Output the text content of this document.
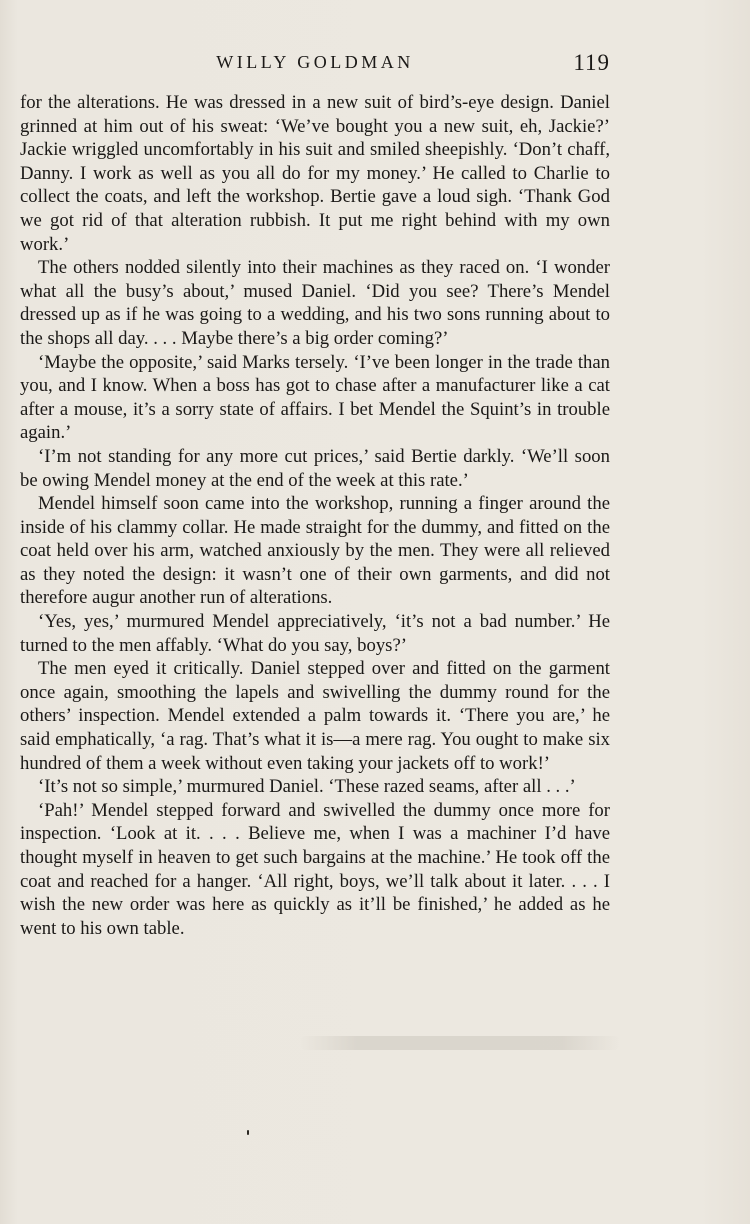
WILLY GOLDMAN	119

for the alterations. He was dressed in a new suit of bird’s-eye design. Daniel grinned at him out of his sweat: ‘We’ve bought you a new suit, eh, Jackie?’ Jackie wriggled uncomfortably in his suit and smiled sheepishly. ‘Don’t chaff, Danny. I work as well as you all do for my money.’ He called to Charlie to collect the coats, and left the workshop. Bertie gave a loud sigh. ‘Thank God we got rid of that alteration rubbish. It put me right behind with my own work.’

The others nodded silently into their machines as they raced on. ‘I wonder what all the busy’s about,’ mused Daniel. ‘Did you see? There’s Mendel dressed up as if he was going to a wedding, and his two sons running about to the shops all day. . . . Maybe there’s a big order coming?’

‘Maybe the opposite,’ said Marks tersely. ‘I’ve been longer in the trade than you, and I know. When a boss has got to chase after a manufacturer like a cat after a mouse, it’s a sorry state of affairs. I bet Mendel the Squint’s in trouble again.’

‘I’m not standing for any more cut prices,’ said Bertie darkly. ‘We’ll soon be owing Mendel money at the end of the week at this rate.’

Mendel himself soon came into the workshop, running a finger around the inside of his clammy collar. He made straight for the dummy, and fitted on the coat held over his arm, watched anxiously by the men. They were all relieved as they noted the design: it wasn’t one of their own garments, and did not therefore augur another run of alterations.

‘Yes, yes,’ murmured Mendel appreciatively, ‘it’s not a bad number.’ He turned to the men affably. ‘What do you say, boys?’

The men eyed it critically. Daniel stepped over and fitted on the garment once again, smoothing the lapels and swivelling the dummy round for the others’ inspection. Mendel extended a palm towards it. ‘There you are,’ he said emphatically, ‘a rag. That’s what it is—a mere rag. You ought to make six hundred of them a week without even taking your jackets off to work!’

‘It’s not so simple,’ murmured Daniel. ‘These razed seams, after all . . .’

‘Pah!’ Mendel stepped forward and swivelled the dummy once more for inspection. ‘Look at it. . . . Believe me, when I was a machiner I’d have thought myself in heaven to get such bargains at the machine.’ He took off the coat and reached for a hanger. ‘All right, boys, we’ll talk about it later. . . . I wish the new order was here as quickly as it’ll be finished,’ he added as he went to his own table.
